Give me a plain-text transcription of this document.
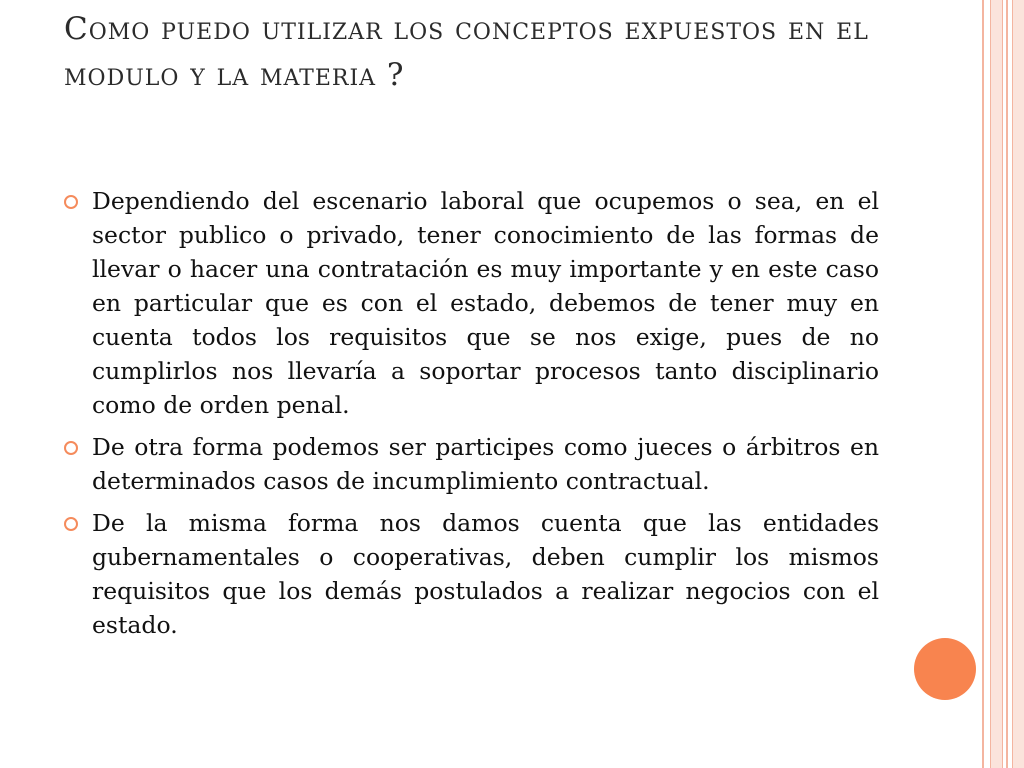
Como puedo utilizar los conceptos expuestos en el modulo y la materia ?
Dependiendo del escenario laboral que ocupemos o sea, en el sector publico o privado, tener conocimiento de las formas de llevar o hacer una contratación es muy importante y en este caso en particular que es con el estado, debemos de tener muy en cuenta todos los requisitos que se nos exige, pues de no cumplirlos nos llevaría a soportar procesos tanto disciplinario como de orden penal.
De otra forma podemos ser participes como jueces o árbitros en determinados casos de incumplimiento contractual.
De la misma forma nos damos cuenta que las entidades gubernamentales o cooperativas, deben cumplir los mismos requisitos que los demás postulados a realizar negocios con el estado.
